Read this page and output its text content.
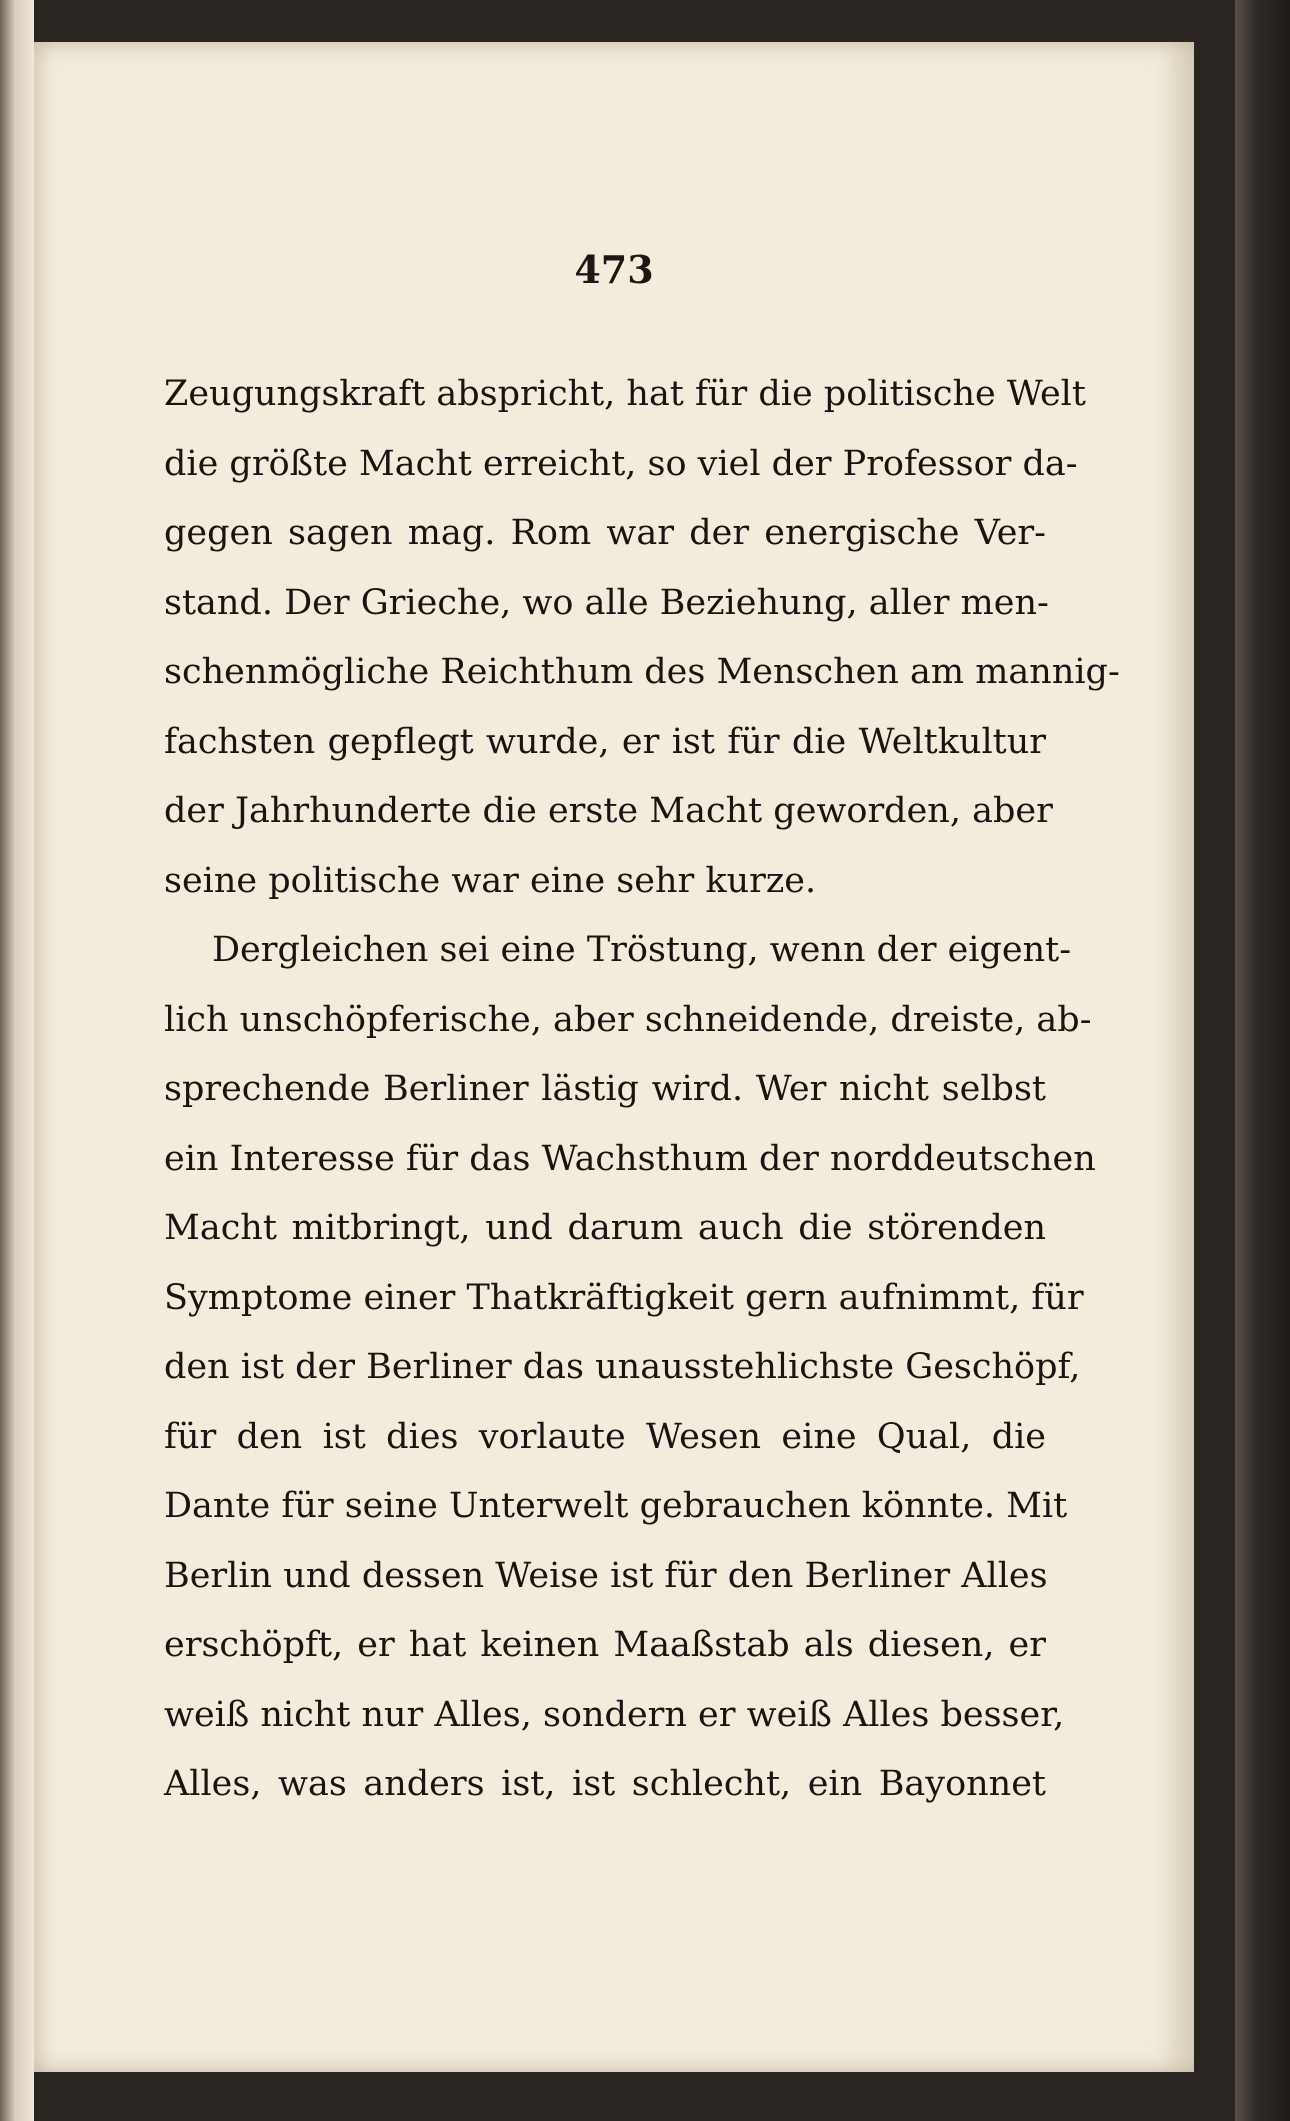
473
Zeugungskraft abspricht, hat für die politische Welt
die größte Macht erreicht, so viel der Professor da-
gegen sagen mag. Rom war der energische Ver-
stand. Der Grieche, wo alle Beziehung, aller men-
schenmögliche Reichthum des Menschen am mannig-
fachsten gepflegt wurde, er ist für die Weltkultur
der Jahrhunderte die erste Macht geworden, aber
seine politische war eine sehr kurze.
Dergleichen sei eine Tröstung, wenn der eigent-
lich unschöpferische, aber schneidende, dreiste, ab-
sprechende Berliner lästig wird. Wer nicht selbst
ein Interesse für das Wachsthum der norddeutschen
Macht mitbringt, und darum auch die störenden
Symptome einer Thatkräftigkeit gern aufnimmt, für
den ist der Berliner das unausstehlichste Geschöpf,
für den ist dies vorlaute Wesen eine Qual, die
Dante für seine Unterwelt gebrauchen könnte. Mit
Berlin und dessen Weise ist für den Berliner Alles
erschöpft, er hat keinen Maaßstab als diesen, er
weiß nicht nur Alles, sondern er weiß Alles besser,
Alles, was anders ist, ist schlecht, ein Bayonnet
